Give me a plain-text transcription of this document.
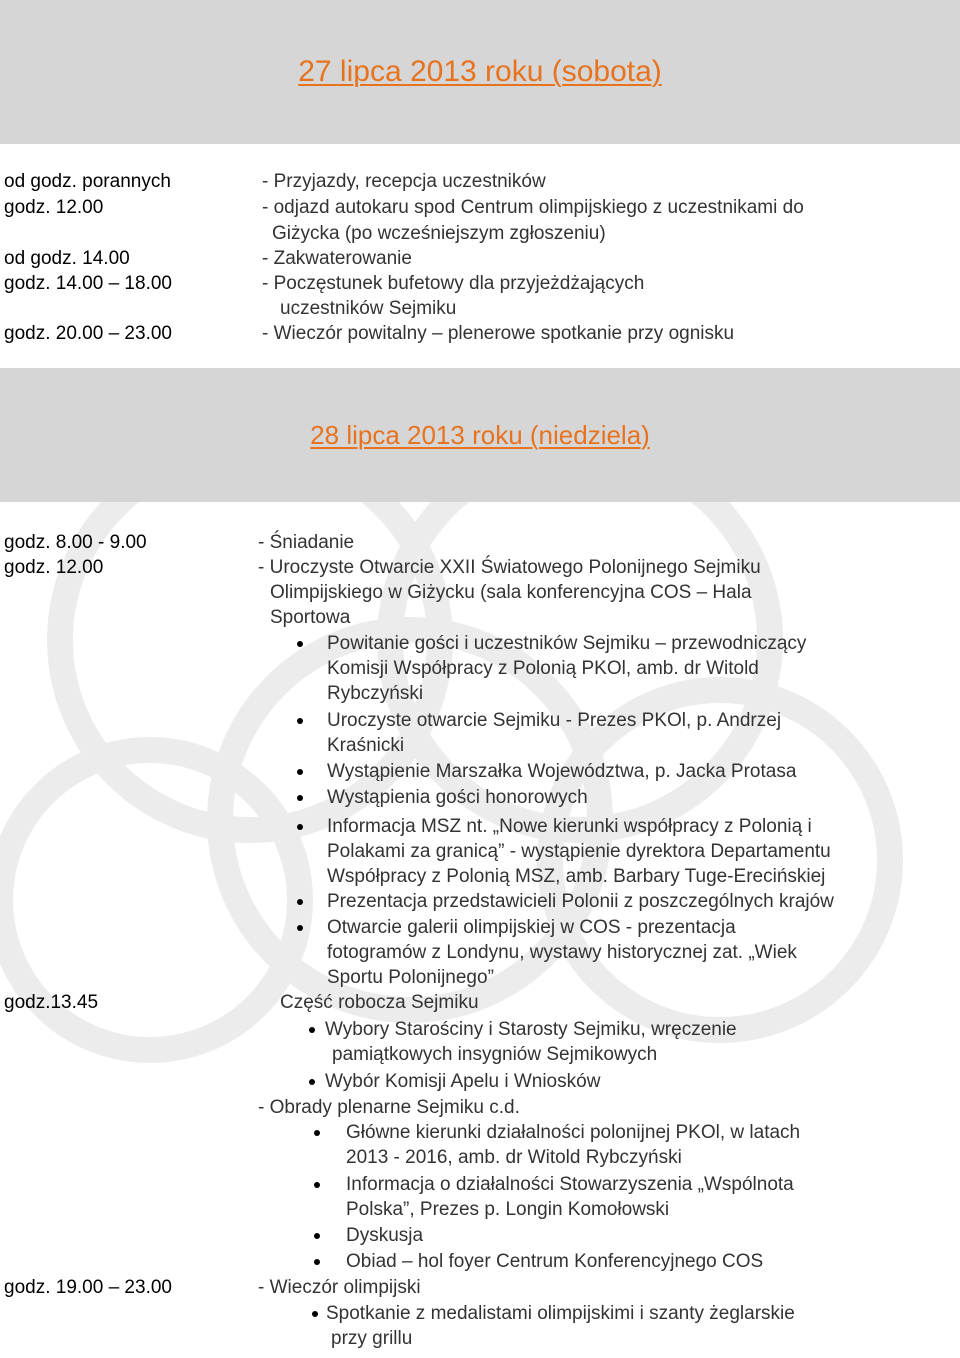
27 lipca 2013 roku (sobota)
od godz. porannych	- Przyjazdy, recepcja uczestników
godz. 12.00	- odjazd autokaru spod Centrum olimpijskiego z uczestnikami do
Giżycka (po wcześniejszym zgłoszeniu)
od godz. 14.00	- Zakwaterowanie
godz. 14.00 – 18.00	- Poczęstunek bufetowy dla przyjeżdżających
uczestników Sejmiku
godz. 20.00 – 23.00	- Wieczór powitalny – plenerowe spotkanie przy ognisku
28 lipca 2013 roku (niedziela)
godz. 8.00 - 9.00	- Śniadanie
godz. 12.00	- Uroczyste Otwarcie XXII Światowego Polonijnego Sejmiku
Olimpijskiego w Giżycku (sala konferencyjna COS – Hala
Sportowa
Powitanie gości i uczestników Sejmiku – przewodniczący
Komisji Współpracy z Polonią PKOl, amb. dr Witold
Rybczyński
Uroczyste otwarcie Sejmiku - Prezes PKOl, p. Andrzej
Kraśnicki
Wystąpienie Marszałka Województwa, p. Jacka Protasa
Wystąpienia gości honorowych
Informacja MSZ nt. „Nowe kierunki współpracy z Polonią i
Polakami za granicą” - wystąpienie dyrektora Departamentu
Współpracy z Polonią MSZ, amb. Barbary Tuge-Erecińskiej
Prezentacja przedstawicieli Polonii z poszczególnych krajów
Otwarcie galerii olimpijskiej w COS - prezentacja
fotogramów z Londynu, wystawy historycznej zat. „Wiek
Sportu Polonijnego”
godz.13.45	Część robocza Sejmiku
Wybory Starościny i Starosty Sejmiku, wręczenie
pamiątkowych insygniów Sejmikowych
Wybór Komisji Apelu i Wniosków
- Obrady plenarne Sejmiku c.d.
Główne kierunki działalności polonijnej PKOl, w latach
2013 - 2016, amb. dr Witold Rybczyński
Informacja o działalności Stowarzyszenia „Wspólnota
Polska”, Prezes p. Longin Komołowski
Dyskusja
Obiad – hol foyer Centrum Konferencyjnego COS
godz. 19.00 – 23.00	- Wieczór olimpijski
Spotkanie z medalistami olimpijskimi i szanty żeglarskie
przy grillu
